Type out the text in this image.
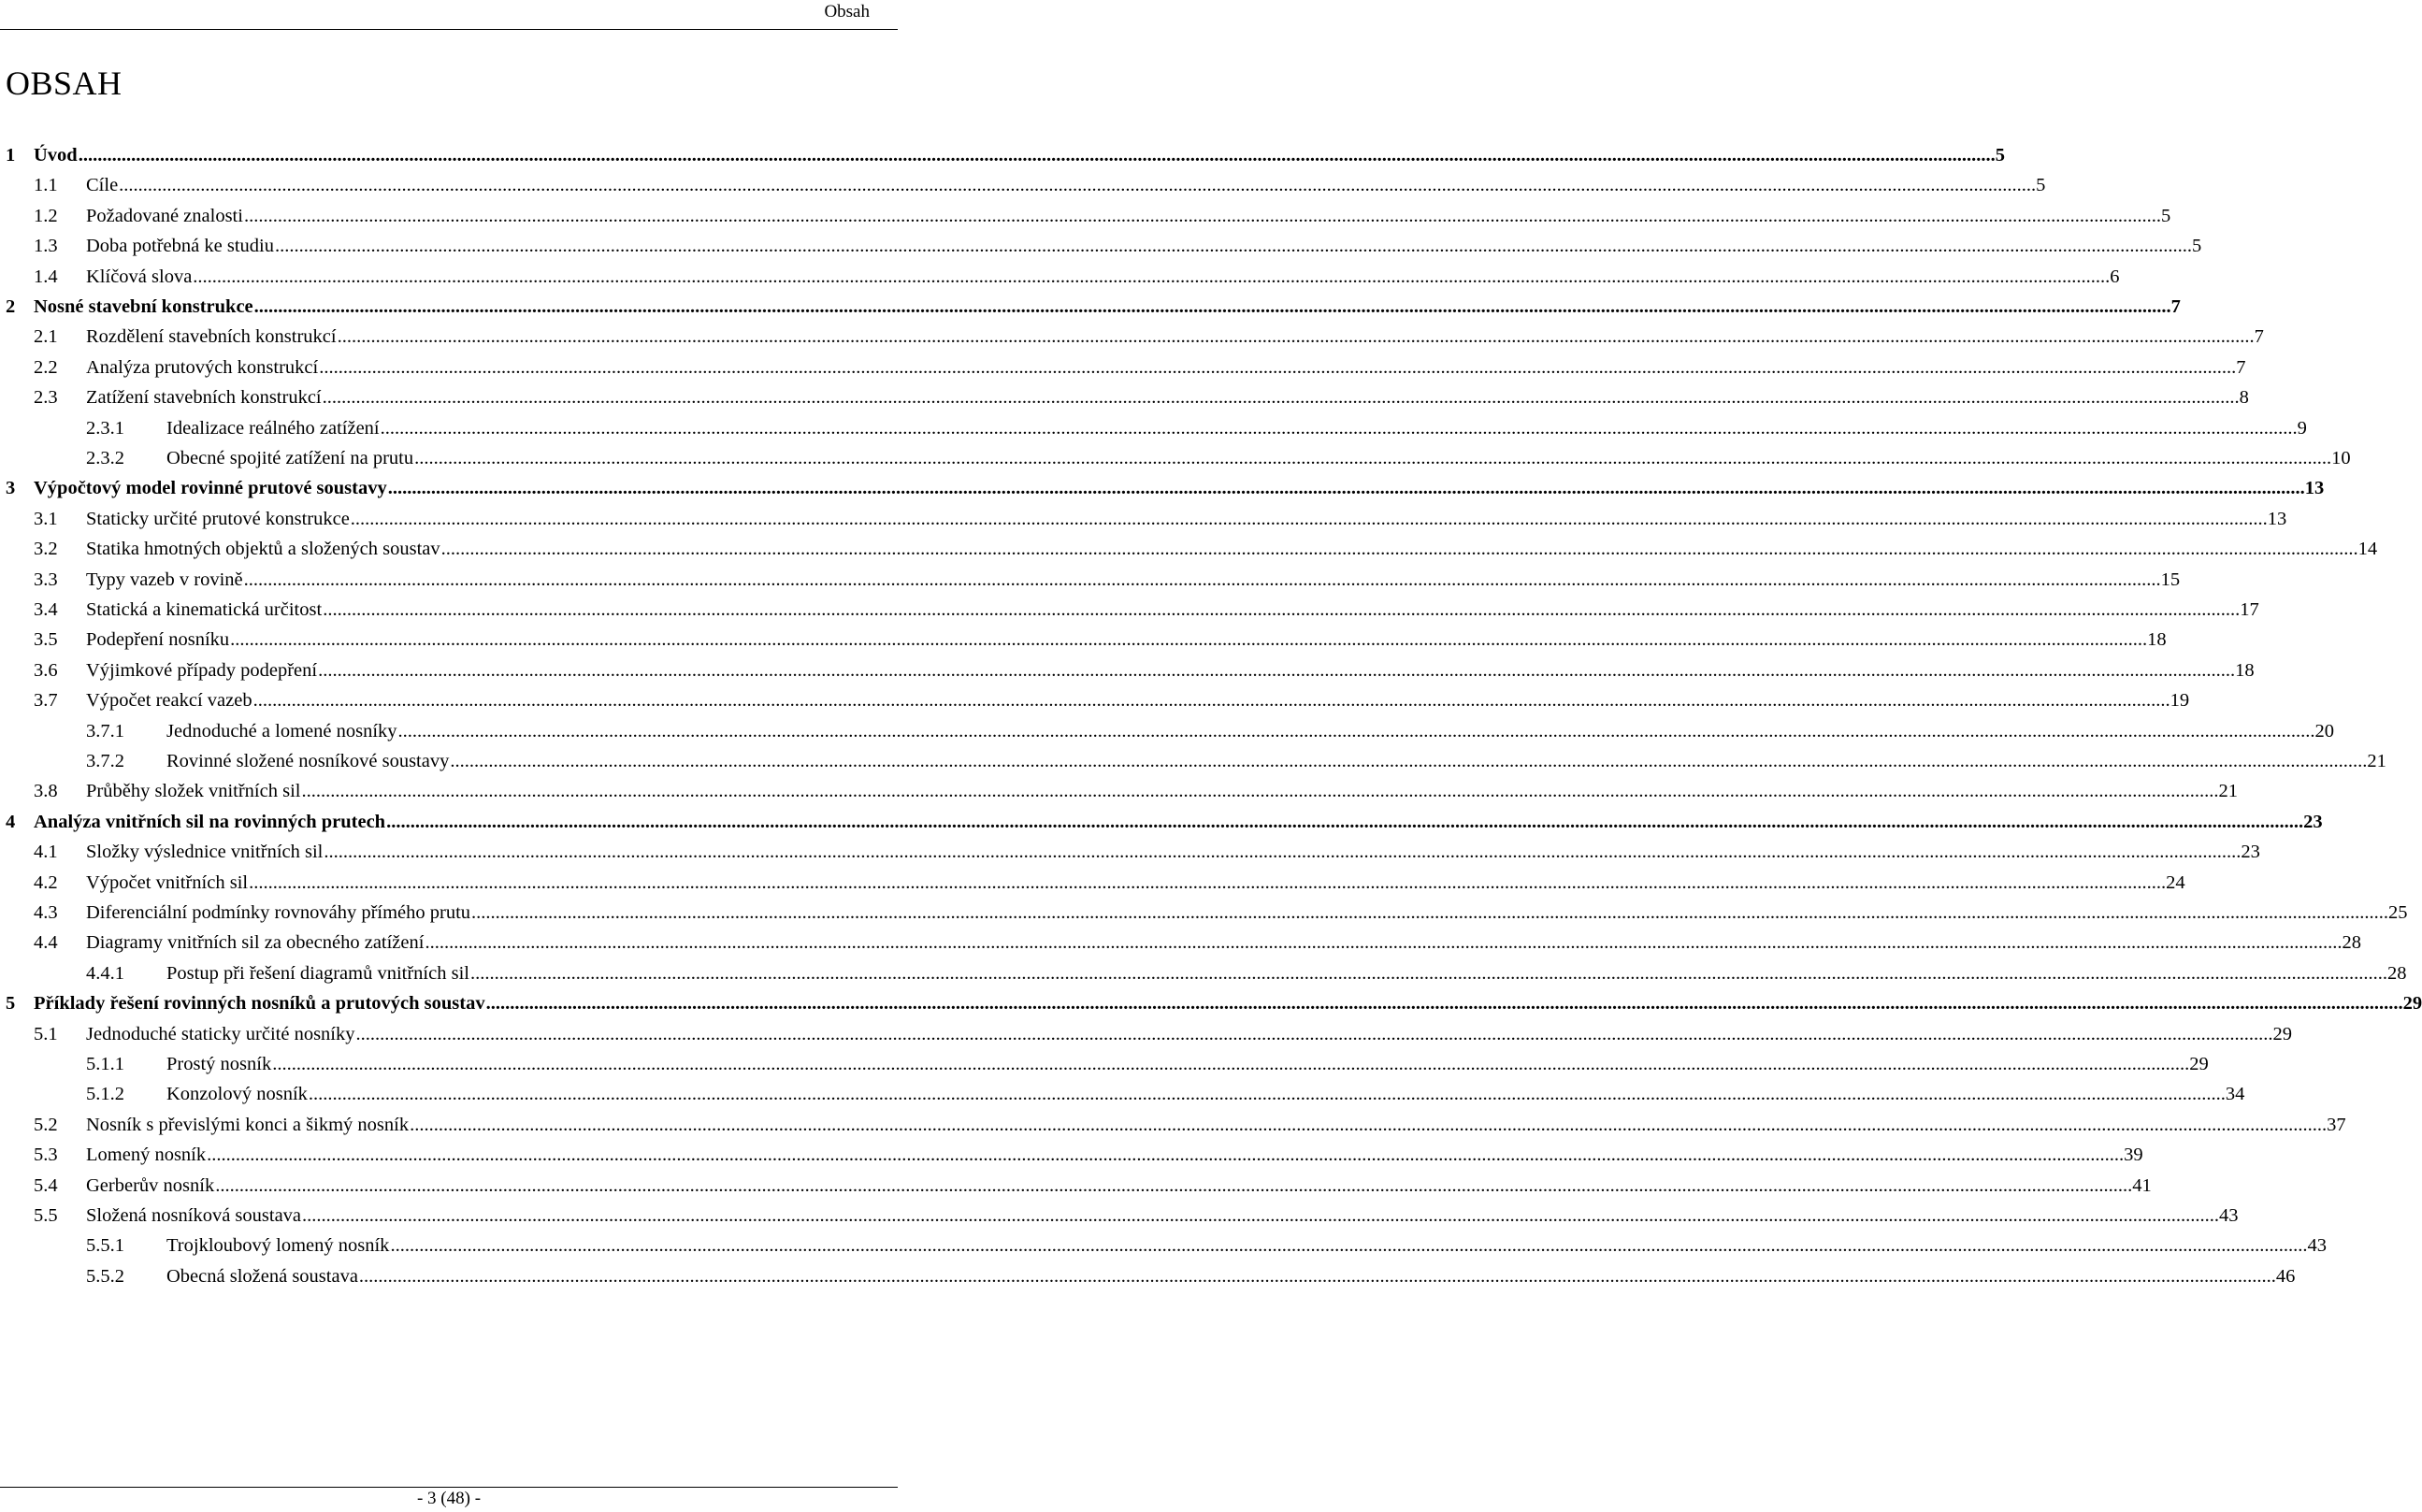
Obsah
OBSAH
1 Úvod ................................................................................................................................................................................................................................................................................................................................................................................................................ 5
1.1 Cíle ................................................................................................................................................................................................................................................................................................................................................................................................................ 5
1.2 Požadované znalosti ................................................................................................................................................................................................................................................................................................................................................................................................................ 5
1.3 Doba potřebná ke studiu ................................................................................................................................................................................................................................................................................................................................................................................................................ 5
1.4 Klíčová slova ................................................................................................................................................................................................................................................................................................................................................................................................................ 6
2 Nosné stavební konstrukce ................................................................................................................................................................................................................................................................................................................................................................................................................ 7
2.1 Rozdělení stavebních konstrukcí ................................................................................................................................................................................................................................................................................................................................................................................................................ 7
2.2 Analýza prutových konstrukcí ................................................................................................................................................................................................................................................................................................................................................................................................................ 7
2.3 Zatížení stavebních konstrukcí ................................................................................................................................................................................................................................................................................................................................................................................................................ 8
2.3.1 Idealizace reálného zatížení ................................................................................................................................................................................................................................................................................................................................................................................................................ 9
2.3.2 Obecné spojité zatížení na prutu ................................................................................................................................................................................................................................................................................................................................................................................................................ 10
3 Výpočtový model rovinné prutové soustavy ................................................................................................................................................................................................................................................................................................................................................................................................................ 13
3.1 Staticky určité prutové konstrukce ................................................................................................................................................................................................................................................................................................................................................................................................................ 13
3.2 Statika hmotných objektů a složených soustav ................................................................................................................................................................................................................................................................................................................................................................................................................ 14
3.3 Typy vazeb v rovině ................................................................................................................................................................................................................................................................................................................................................................................................................ 15
3.4 Statická a kinematická určitost ................................................................................................................................................................................................................................................................................................................................................................................................................ 17
3.5 Podepření nosníku ................................................................................................................................................................................................................................................................................................................................................................................................................ 18
3.6 Výjimkové případy podepření ................................................................................................................................................................................................................................................................................................................................................................................................................ 18
3.7 Výpočet reakcí vazeb ................................................................................................................................................................................................................................................................................................................................................................................................................ 19
3.7.1 Jednoduché a lomené nosníky ................................................................................................................................................................................................................................................................................................................................................................................................................ 20
3.7.2 Rovinné složené nosníkové soustavy ................................................................................................................................................................................................................................................................................................................................................................................................................ 21
3.8 Průběhy složek vnitřních sil ................................................................................................................................................................................................................................................................................................................................................................................................................ 21
4 Analýza vnitřních sil na rovinných prutech ................................................................................................................................................................................................................................................................................................................................................................................................................ 23
4.1 Složky výslednice vnitřních sil ................................................................................................................................................................................................................................................................................................................................................................................................................ 23
4.2 Výpočet vnitřních sil ................................................................................................................................................................................................................................................................................................................................................................................................................ 24
4.3 Diferenciální podmínky rovnováhy přímého prutu ................................................................................................................................................................................................................................................................................................................................................................................................................ 25
4.4 Diagramy vnitřních sil za obecného zatížení ................................................................................................................................................................................................................................................................................................................................................................................................................ 28
4.4.1 Postup při řešení diagramů vnitřních sil ................................................................................................................................................................................................................................................................................................................................................................................................................ 28
5 Příklady řešení rovinných nosníků a prutových soustav ................................................................................................................................................................................................................................................................................................................................................................................................................ 29
5.1 Jednoduché staticky určité nosníky ................................................................................................................................................................................................................................................................................................................................................................................................................ 29
5.1.1 Prostý nosník ................................................................................................................................................................................................................................................................................................................................................................................................................ 29
5.1.2 Konzolový nosník ................................................................................................................................................................................................................................................................................................................................................................................................................ 34
5.2 Nosník s převislými konci a šikmý nosník ................................................................................................................................................................................................................................................................................................................................................................................................................ 37
5.3 Lomený nosník ................................................................................................................................................................................................................................................................................................................................................................................................................ 39
5.4 Gerberův nosník ................................................................................................................................................................................................................................................................................................................................................................................................................ 41
5.5 Složená nosníková soustava ................................................................................................................................................................................................................................................................................................................................................................................................................ 43
5.5.1 Trojkloubový lomený nosník ................................................................................................................................................................................................................................................................................................................................................................................................................ 43
5.5.2 Obecná složená soustava ................................................................................................................................................................................................................................................................................................................................................................................................................ 46
- 3 (48) -
